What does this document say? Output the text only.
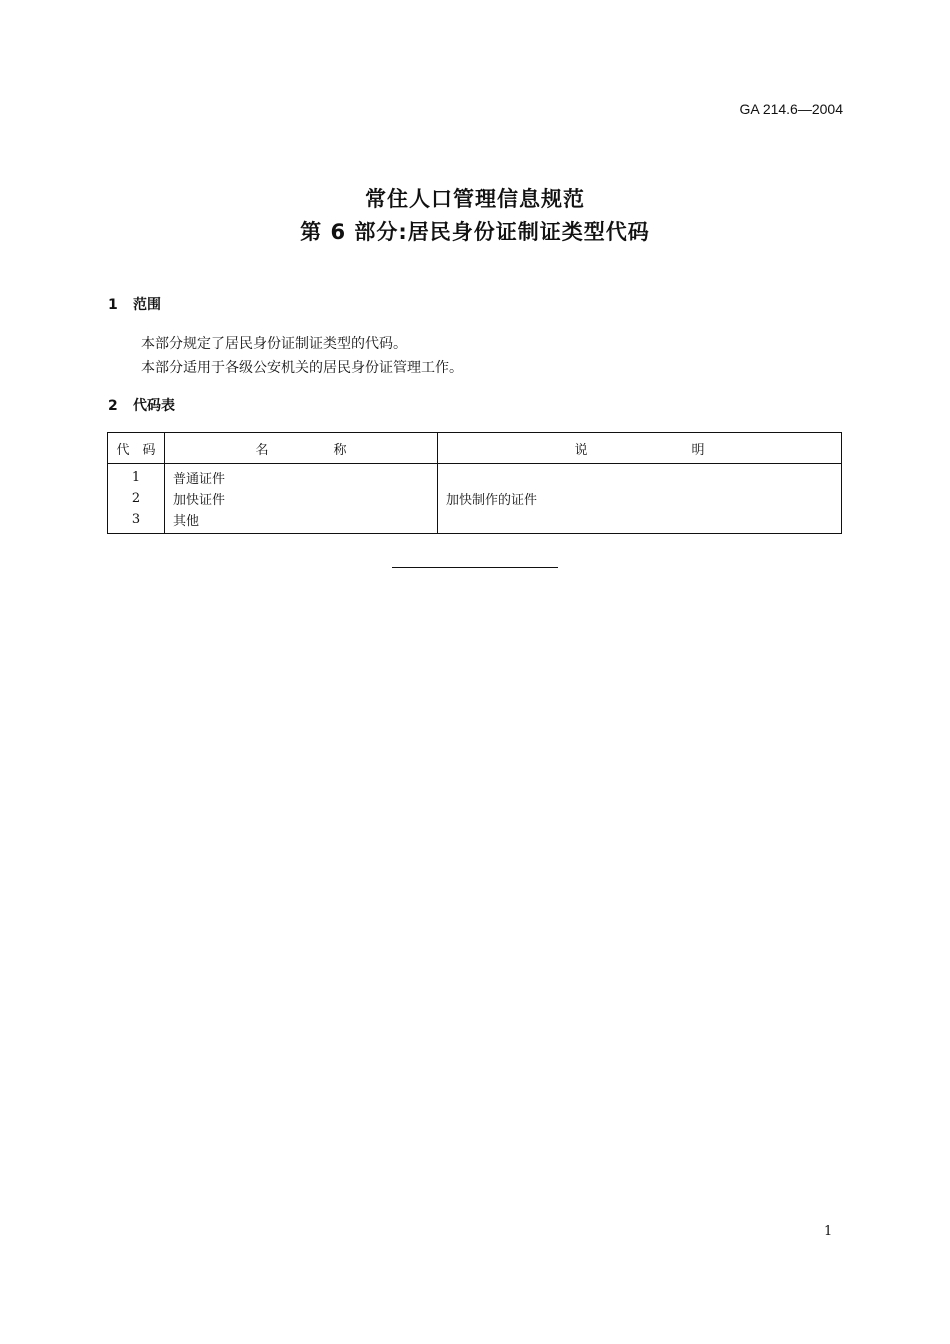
GA 214.6—2004
常住人口管理信息规范
第 6 部分:居民身份证制证类型代码
1 范围
本部分规定了居民身份证制证类型的代码。
本部分适用于各级公安机关的居民身份证管理工作。
2 代码表
代　码	名　　　　　称	说　　　　　　　　明
1	普通证件	加快制作的证件
2	加快证件	
3	其他	
1
